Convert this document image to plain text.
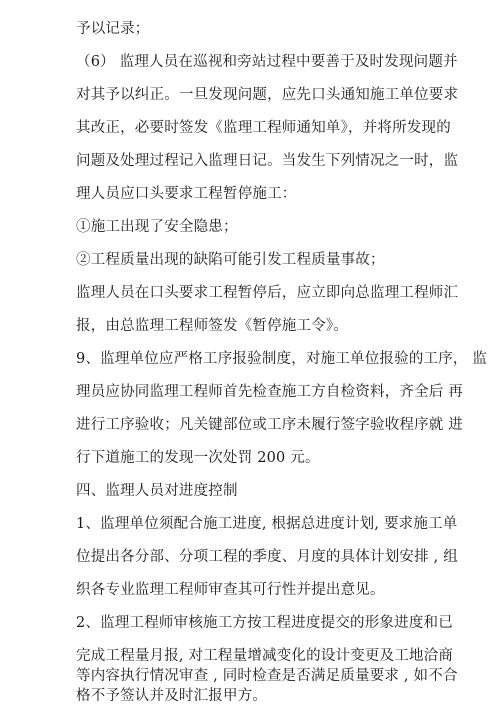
予以记录；
（6） 监理人员在巡视和旁站过程中要善于及时发现问题并
对其予以纠正。一旦发现问题，应先口头通知施工单位要求
其改正，必要时签发《监理工程师通知单》，并将所发现的
问题及处理过程记入监理日记。当发生下列情况之一时，监
理人员应口头要求工程暂停施工：
①施工出现了安全隐患；
②工程质量出现的缺陷可能引发工程质量事故；
监理人员在口头要求工程暂停后，应立即向总监理工程师汇
报，由总监理工程师签发《暂停施工令》。
9、监理单位应严格工序报验制度，对施工单位报验的工序， 监
理员应协同监理工程师首先检查施工方自检资料，齐全后 再
进行工序验收；凡关键部位或工序未履行签字验收程序就 进
行下道施工的发现一次处罚 200 元。
四、监理人员对进度控制
1、监理单位须配合施工进度, 根据总进度计划, 要求施工单
位提出各分部、分项工程的季度、月度的具体计划安排 , 组
织各专业监理工程师审查其可行性并提出意见。
2、监理工程师审核施工方按工程进度提交的形象进度和已
完成工程量月报, 对工程量增减变化的设计变更及工地洽商
等内容执行情况审查 , 同时检查是否满足质量要求 , 如不合
格不予签认并及时汇报甲方。
